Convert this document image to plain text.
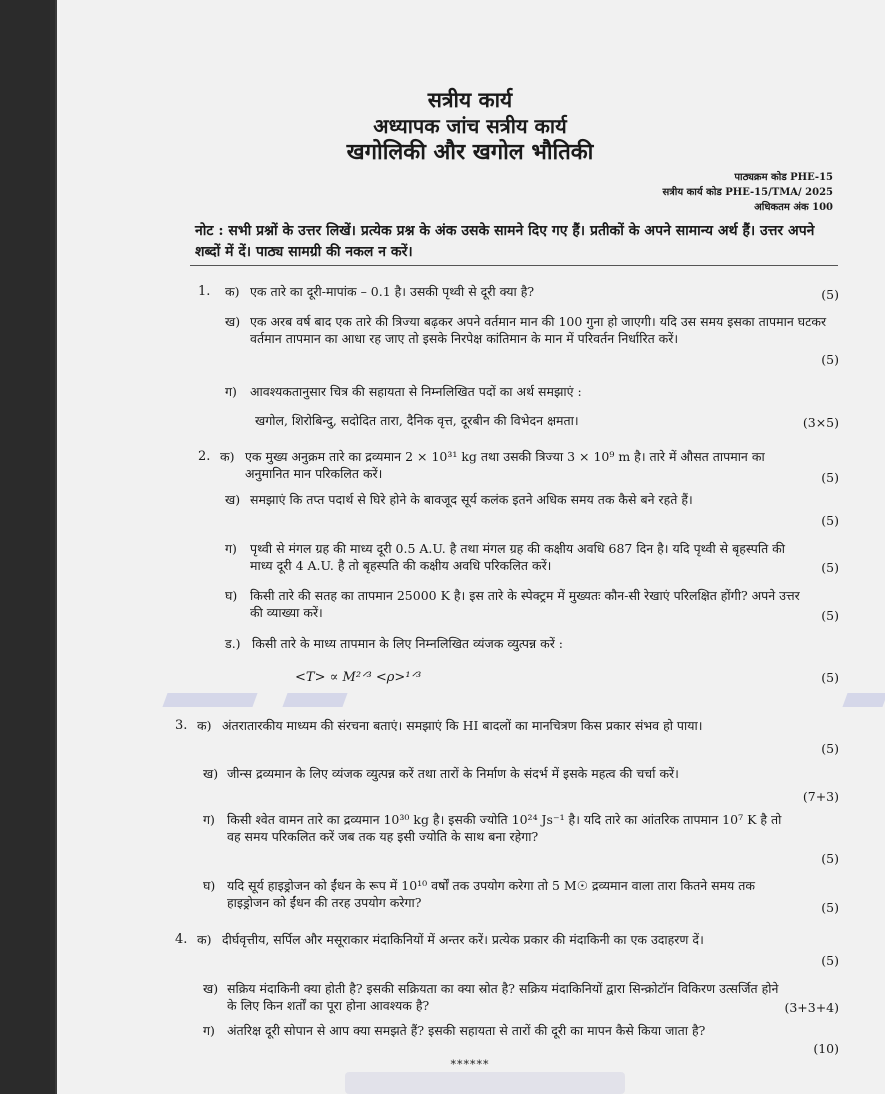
सत्रीय कार्य
अध्यापक जांच सत्रीय कार्य
खगोलिकी और खगोल भौतिकी
पाठ्यक्रम कोड PHE-15
सत्रीय कार्य कोड PHE-15/TMA/ 2025
अधिकतम अंक 100
नोट : सभी प्रश्नों के उत्तर लिखें। प्रत्येक प्रश्न के अंक उसके सामने दिए गए हैं। प्रतीकों के अपने सामान्य अर्थ हैं। उत्तर अपने शब्दों में दें। पाठ्य सामग्री की नकल न करें।
1. क) एक तारे का दूरी-मापांक – 0.1 है। उसकी पृथ्वी से दूरी क्या है?	(5)
ख) एक अरब वर्ष बाद एक तारे की त्रिज्या बढ़कर अपने वर्तमान मान की 100 गुना हो जाएगी। यदि उस समय इसका तापमान घटकर वर्तमान तापमान का आधा रह जाए तो इसके निरपेक्ष कांतिमान के मान में परिवर्तन निर्धारित करें।
(5)
ग) आवश्यकतानुसार चित्र की सहायता से निम्नलिखित पदों का अर्थ समझाएं :
खगोल, शिरोबिन्दु, सदोदित तारा, दैनिक वृत्त, दूरबीन की विभेदन क्षमता।	(3×5)
2. क) एक मुख्य अनुक्रम तारे का द्रव्यमान 2 × 10³¹ kg तथा उसकी त्रिज्या 3 × 10⁹ m है। तारे में औसत तापमान का अनुमानित मान परिकलित करें।	(5)
ख) समझाएं कि तप्त पदार्थ से घिरे होने के बावजूद सूर्य कलंक इतने अधिक समय तक कैसे बने रहते हैं।
(5)
ग) पृथ्वी से मंगल ग्रह की माध्य दूरी 0.5 A.U. है तथा मंगल ग्रह की कक्षीय अवधि 687 दिन है। यदि पृथ्वी से बृहस्पति की माध्य दूरी 4 A.U. है तो बृहस्पति की कक्षीय अवधि परिकलित करें।	(5)
घ) किसी तारे की सतह का तापमान 25000 K है। इस तारे के स्पेक्ट्रम में मुख्यतः कौन-सी रेखाएं परिलक्षित होंगी? अपने उत्तर की व्याख्या करें।	(5)
ड.) किसी तारे के माध्य तापमान के लिए निम्नलिखित व्यंजक व्युत्पन्न करें :
<T> ∝ M²ᐟ³ <ρ>¹ᐟ³	(5)
3. क) अंतरातारकीय माध्यम की संरचना बताएं। समझाएं कि HI बादलों का मानचित्रण किस प्रकार संभव हो पाया।
(5)
ख) जीन्स द्रव्यमान के लिए व्यंजक व्युत्पन्न करें तथा तारों के निर्माण के संदर्भ में इसके महत्व की चर्चा करें।
(7+3)
ग) किसी श्वेत वामन तारे का द्रव्यमान 10³⁰ kg है। इसकी ज्योति 10²⁴ Js⁻¹ है। यदि तारे का आंतरिक तापमान 10⁷ K है तो वह समय परिकलित करें जब तक यह इसी ज्योति के साथ बना रहेगा?
(5)
घ) यदि सूर्य हाइड्रोजन को ईंधन के रूप में 10¹⁰ वर्षों तक उपयोग करेगा तो 5 M☉ द्रव्यमान वाला तारा कितने समय तक हाइड्रोजन को ईंधन की तरह उपयोग करेगा?	(5)
4. क) दीर्घवृत्तीय, सर्पिल और मसूराकार मंदाकिनियों में अन्तर करें। प्रत्येक प्रकार की मंदाकिनी का एक उदाहरण दें।
(5)
ख) सक्रिय मंदाकिनी क्या होती है? इसकी सक्रियता का क्या स्रोत है? सक्रिय मंदाकिनियों द्वारा सिन्क्रोटॉन विकिरण उत्सर्जित होने के लिए किन शर्तों का पूरा होना आवश्यक है?	(3+3+4)
ग) अंतरिक्ष दूरी सोपान से आप क्या समझते हैं? इसकी सहायता से तारों की दूरी का मापन कैसे किया जाता है?
(10)
******
